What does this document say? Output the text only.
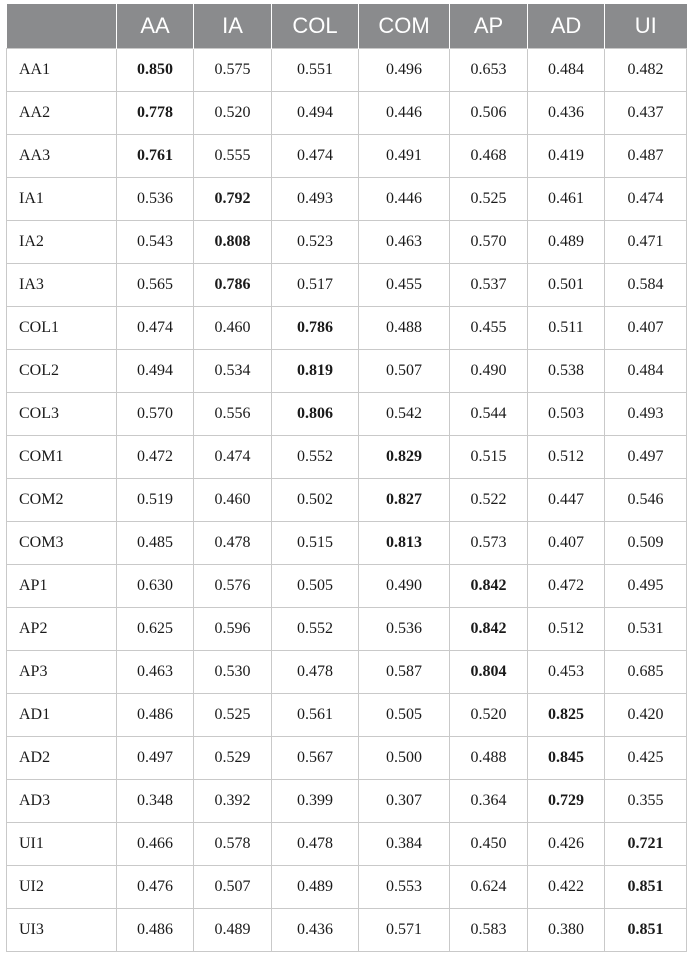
	AA	IA	COL	COM	AP	AD	UI
AA1	0.850	0.575	0.551	0.496	0.653	0.484	0.482
AA2	0.778	0.520	0.494	0.446	0.506	0.436	0.437
AA3	0.761	0.555	0.474	0.491	0.468	0.419	0.487
IA1	0.536	0.792	0.493	0.446	0.525	0.461	0.474
IA2	0.543	0.808	0.523	0.463	0.570	0.489	0.471
IA3	0.565	0.786	0.517	0.455	0.537	0.501	0.584
COL1	0.474	0.460	0.786	0.488	0.455	0.511	0.407
COL2	0.494	0.534	0.819	0.507	0.490	0.538	0.484
COL3	0.570	0.556	0.806	0.542	0.544	0.503	0.493
COM1	0.472	0.474	0.552	0.829	0.515	0.512	0.497
COM2	0.519	0.460	0.502	0.827	0.522	0.447	0.546
COM3	0.485	0.478	0.515	0.813	0.573	0.407	0.509
AP1	0.630	0.576	0.505	0.490	0.842	0.472	0.495
AP2	0.625	0.596	0.552	0.536	0.842	0.512	0.531
AP3	0.463	0.530	0.478	0.587	0.804	0.453	0.685
AD1	0.486	0.525	0.561	0.505	0.520	0.825	0.420
AD2	0.497	0.529	0.567	0.500	0.488	0.845	0.425
AD3	0.348	0.392	0.399	0.307	0.364	0.729	0.355
UI1	0.466	0.578	0.478	0.384	0.450	0.426	0.721
UI2	0.476	0.507	0.489	0.553	0.624	0.422	0.851
UI3	0.486	0.489	0.436	0.571	0.583	0.380	0.851
